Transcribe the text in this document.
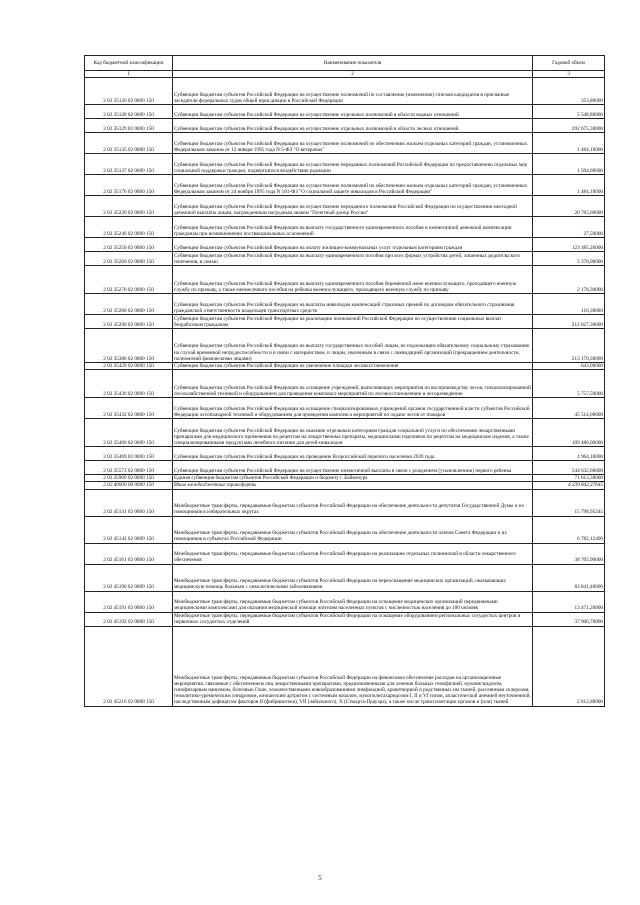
Код бюджетной классификации	Наименование показателя	Годовой объем
1	2	3
2 02 35120 02 0000 150	Субвенции бюджетам субъектов Российской Федерации на осуществление полномочий по составлению (изменению) списков кандидатов в присяжные заседатели федеральных судов общей юрисдикции в Российской Федерации	353,80000
2 02 35128 02 0000 150	Субвенции бюджетам субъектов Российской Федерации на осуществление отдельных полномочий в области водных отношений	5 548,80000
2 02 35129 02 0000 150	Субвенции бюджетам субъектов Российской Федерации на осуществление отдельных полномочий в области лесных отношений	292 675,30000
2 02 35135 02 0000 150	Субвенции бюджетам субъектов Российской Федерации на осуществление полномочий по обеспечению жильем отдельных категорий граждан, установленных Федеральным законом от 12 января 1995 года N 5-ФЗ "О ветеранах"	1 484,10000
2 02 35137 02 0000 150	Субвенции бюджетам субъектов Российской Федерации на осуществление переданных полномочий Российской Федерации по предоставлению отдельных мер социальной поддержки граждан, подвергшихся воздействию радиации	1 504,60000
2 02 35176 02 0000 150	Субвенции бюджетам субъектов Российской Федерации на осуществление полномочий по обеспечению жильем отдельных категорий граждан, установленных Федеральным законом от 24 ноября 1995 года N 181-ФЗ "О социальной защите инвалидов в Российской Федерации"	1 484,10000
2 02 35220 02 0000 150	Субвенции бюджетам субъектов Российской Федерации на осуществление переданного полномочия Российской Федерации по осуществлению ежегодной денежной выплаты лицам, награжденным нагрудным знаком "Почетный донор России"	20 765,60000
2 02 35240 02 0000 150	Субвенции бюджетам субъектов Российской Федерации на выплату государственного единовременного пособия и ежемесячной денежной компенсации гражданам при возникновении поствакцинальных осложнений	27,50000
2 02 35250 02 0000 150	Субвенции бюджетам субъектов Российской Федерации на оплату жилищно-коммунальных услуг отдельным категориям граждан	123 385,26000
2 02 35260 02 0000 150	Субвенции бюджетам субъектов Российской Федерации на выплату единовременного пособия при всех формах устройства детей, лишенных родительского попечения, в семью	5 378,00000
2 02 35270 02 0000 150	Субвенции бюджетам субъектов Российской Федерации на выплату единовременного пособия беременной жене военнослужащего, проходящего военную службу по призыву, а также ежемесячного пособия на ребенка военнослужащего, проходящего военную службу по призыву	2 178,30000
2 02 35280 02 0000 150	Субвенции бюджетам субъектов Российской Федерации на выплаты инвалидам компенсаций страховых премий по договорам обязательного страхования гражданской ответственности владельцев транспортных средств	116,30000
2 02 35290 02 0000 150	Субвенции бюджетам субъектов Российской Федерации на реализацию полномочий Российской Федерации по осуществлению социальных выплат безработным гражданам	212 027,30000
2 02 35380 02 0000 150	Субвенции бюджетам субъектов Российской Федерации на выплату государственных пособий лицам, не подлежащим обязательному социальному страхованию на случай временной нетрудоспособности и в связи с материнством, и лицам, уволенным в связи с ликвидацией организаций (прекращением деятельности, полномочий физическими лицами)	213 170,30000
2 02 35429 02 0000 150	Субвенции бюджетам субъектов Российской Федерации на увеличение площади лесовосстановления	643,00000
2 02 35430 02 0000 150	Субвенции бюджетам субъектов Российской Федерации на оснащение учреждений, выполняющих мероприятия по воспроизводству лесов, специализированной лесохозяйственной техникой и оборудованием для проведения комплекса мероприятий по лесовосстановлению и лесоразведению	5 757,50000
2 02 35432 02 0000 150	Субвенции бюджетам субъектов Российской Федерации на оснащение специализированных учреждений органов государственной власти субъектов Российской Федерации лесопожарной техникой и оборудованием для проведения комплекса мероприятий по охране лесов от пожаров	45 514,00000
2 02 35460 02 0000 150	Субвенции бюджетам субъектов Российской Федерации на оказание отдельным категориям граждан социальной услуги по обеспечению лекарственными препаратами для медицинского применения по рецептам на лекарственные препараты, медицинскими изделиями по рецептам на медицинские изделия, а также специализированными продуктами лечебного питания для детей-инвалидов	109 486,00000
2 02 35469 02 0000 150	Субвенции бюджетам субъектов Российской Федерации на проведение Всероссийской переписи населения 2020 года	4 964,10000
2 02 35573 02 0000 150	Субвенции бюджетам субъектов Российской Федерации на осуществление ежемесячной выплаты в связи с рождением (усыновлением) первого ребенка	544 632,60000
2 02 35900 02 0000 150	Единая субвенция бюджетам субъектов Российской Федерации и бюджету г. Байконура	71 613,30000
2 02 40000 00 0000 150	Иные межбюджетные трансферты	4 239 842,37645
2 02 45141 02 0000 150	Межбюджетные трансферты, передаваемые бюджетам субъектов Российской Федерации на обеспечение деятельности депутатов Государственной Думы и их помощников в избирательных округах	15 798,95245
2 02 45142 02 0000 150	Межбюджетные трансферты, передаваемые бюджетам субъектов Российской Федерации на обеспечение деятельности членов Совета Федерации и их помощников в субъектах Российской Федерации	6 782,12400
2 02 45161 02 0000 150	Межбюджетные трансферты, передаваемые бюджетам субъектов Российской Федерации на реализацию отдельных полномочий в области лекарственного обеспечения	38 705,90000
2 02 45190 02 0000 150	Межбюджетные трансферты, передаваемые бюджетам субъектов Российской Федерации на переоснащение медицинских организаций, оказывающих медицинскую помощь больным с онкологическими заболеваниями	83 841,40000
2 02 45191 02 0000 150	Межбюджетные трансферты, передаваемые бюджетам субъектов Российской Федерации на оснащение медицинских организаций передвижными медицинскими комплексами для оказания медицинской помощи жителям населенных пунктов с численностью населения до 100 человек	13 471,20000
2 02 45192 02 0000 150	Межбюджетные трансферты, передаваемые бюджетам субъектов Российской Федерации на оснащение оборудованием региональных сосудистых центров и первичных сосудистых отделений	37 906,70000
2 02 45216 02 0000 150	Межбюджетные трансферты, передаваемые бюджетам субъектов Российской Федерации на финансовое обеспечение расходов на организационные мероприятия, связанные с обеспечением лиц лекарственными препаратами, предназначенными для лечения больных гемофилией, муковисцидозом, гипофизарным нанизмом, болезнью Гоше, злокачественными новообразованиями лимфоидной, кроветворной и родственных им тканей, рассеянным склерозом, гемолитико-уремическим синдромом, юношеским артритом с системным началом, мукополисахаридозом I, II и VI типов, апластической анемией неуточненной, наследственным дефицитом факторов II (фибриногена), VII (лабильного), X (Стюарта-Прауэра), а также после трансплантации органов и (или) тканей	2 812,80000
5
